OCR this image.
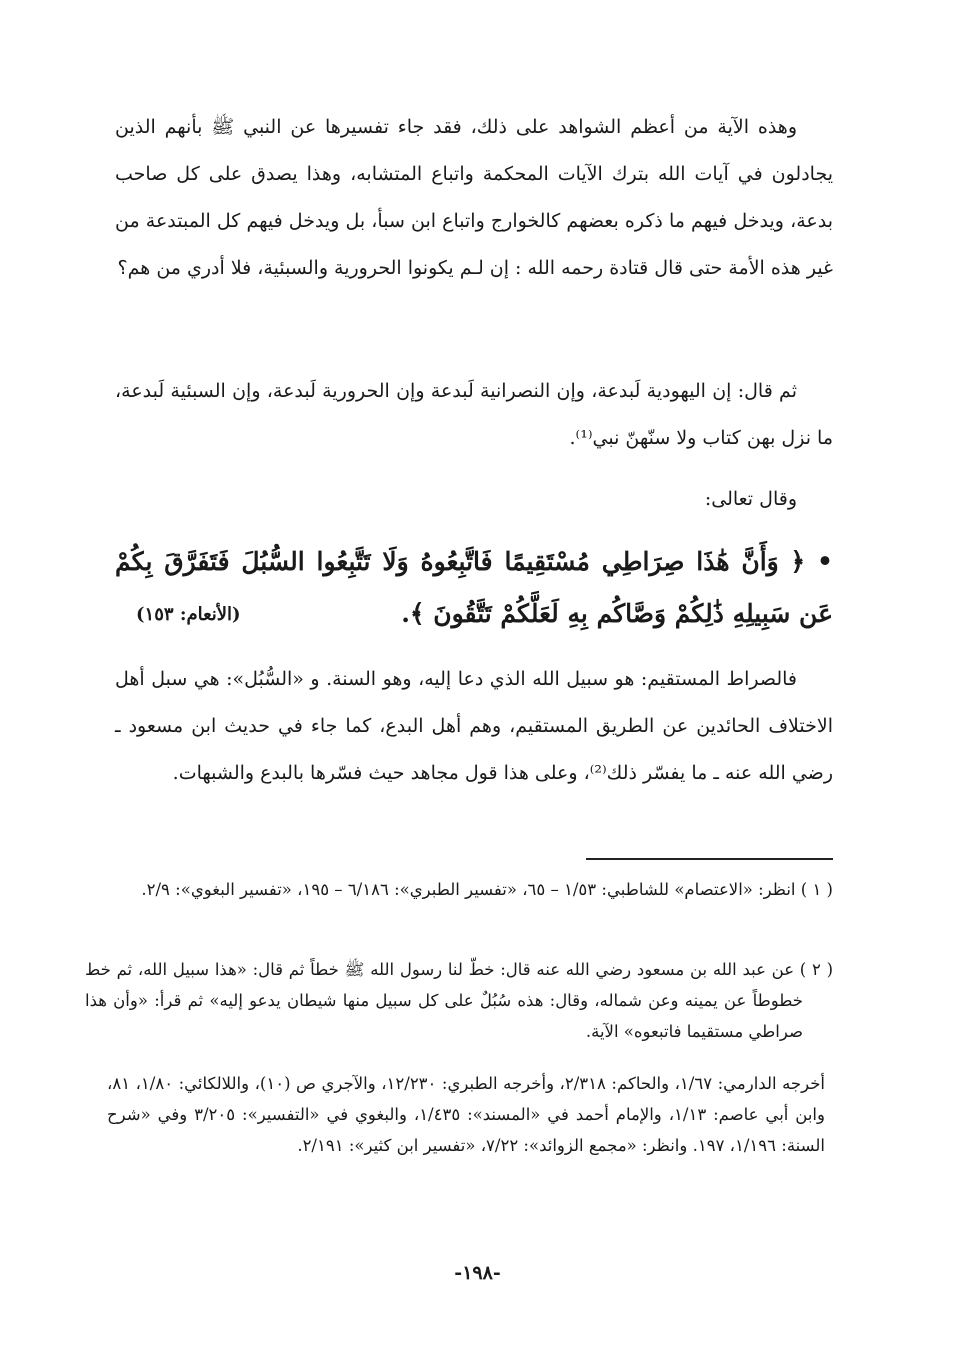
وهذه الآية من أعظم الشواهد على ذلك، فقد جاء تفسيرها عن النبي ﷺ بأنهم الذين يجادلون في آيات الله بترك الآيات المحكمة واتباع المتشابه، وهذا يصدق على كل صاحب بدعة، ويدخل فيهم ما ذكره بعضهم كالخوارج واتباع ابن سبأ، بل ويدخل فيهم كل المبتدعة من غير هذه الأمة حتى قال قتادة رحمه الله : إن لـم يكونوا الحرورية والسبئية، فلا أدري من هم؟

ثم قال: إن اليهودية لَبدعة، وإن النصرانية لَبدعة وإن الحرورية لَبدعة، وإن السبئية لَبدعة، ما نزل بهن كتاب ولا سنّهنّ نبي⁽¹⁾.

وقال تعالى:

• ﴿ وَأَنَّ هَٰذَا صِرَاطِي مُسْتَقِيمًا فَاتَّبِعُوهُ وَلَا تَتَّبِعُوا السُّبُلَ فَتَفَرَّقَ بِكُمْ عَن سَبِيلِهِ ذَٰلِكُمْ وَصَّاكُم بِهِ لَعَلَّكُمْ تَتَّقُونَ ﴾.

(الأنعام: ١٥٣)

فالصراط المستقيم: هو سبيل الله الذي دعا إليه، وهو السنة. و «السُّبُل»: هي سبل أهل الاختلاف الحائدين عن الطريق المستقيم، وهم أهل البدع، كما جاء في حديث ابن مسعود ـ رضي الله عنه ـ ما يفسّر ذلك⁽²⁾، وعلى هذا قول مجاهد حيث فسّرها بالبدع والشبهات.

( ١ ) انظر: «الاعتصام» للشاطبي: ١/٥٣ – ٦٥، «تفسير الطبري»: ٦/١٨٦ – ١٩٥، «تفسير البغوي»: ٢/٩.

( ٢ ) عن عبد الله بن مسعود رضي الله عنه قال: خطّ لنا رسول الله ﷺ خطاً ثم قال: «هذا سبيل الله، ثم خط خطوطاً عن يمينه وعن شماله، وقال: هذه سُبُلٌ على كل سبيل منها شيطان يدعو إليه» ثم قرأ: «وأن هذا صراطي مستقيما فاتبعوه» الآية.

أخرجه الدارمي: ١/٦٧، والحاكم: ٢/٣١٨، وأخرجه الطبري: ١٢/٢٣٠، والآجري ص (١٠)، واللالكائي: ١/٨٠، ٨١، وابن أبي عاصم: ١/١٣، والإمام أحمد في «المسند»: ١/٤٣٥، والبغوي في «التفسير»: ٣/٢٠٥ وفي «شرح السنة: ١/١٩٦، ١٩٧. وانظر: «مجمع الزوائد»: ٧/٢٢، «تفسير ابن كثير»: ٢/١٩١.

-١٩٨-
